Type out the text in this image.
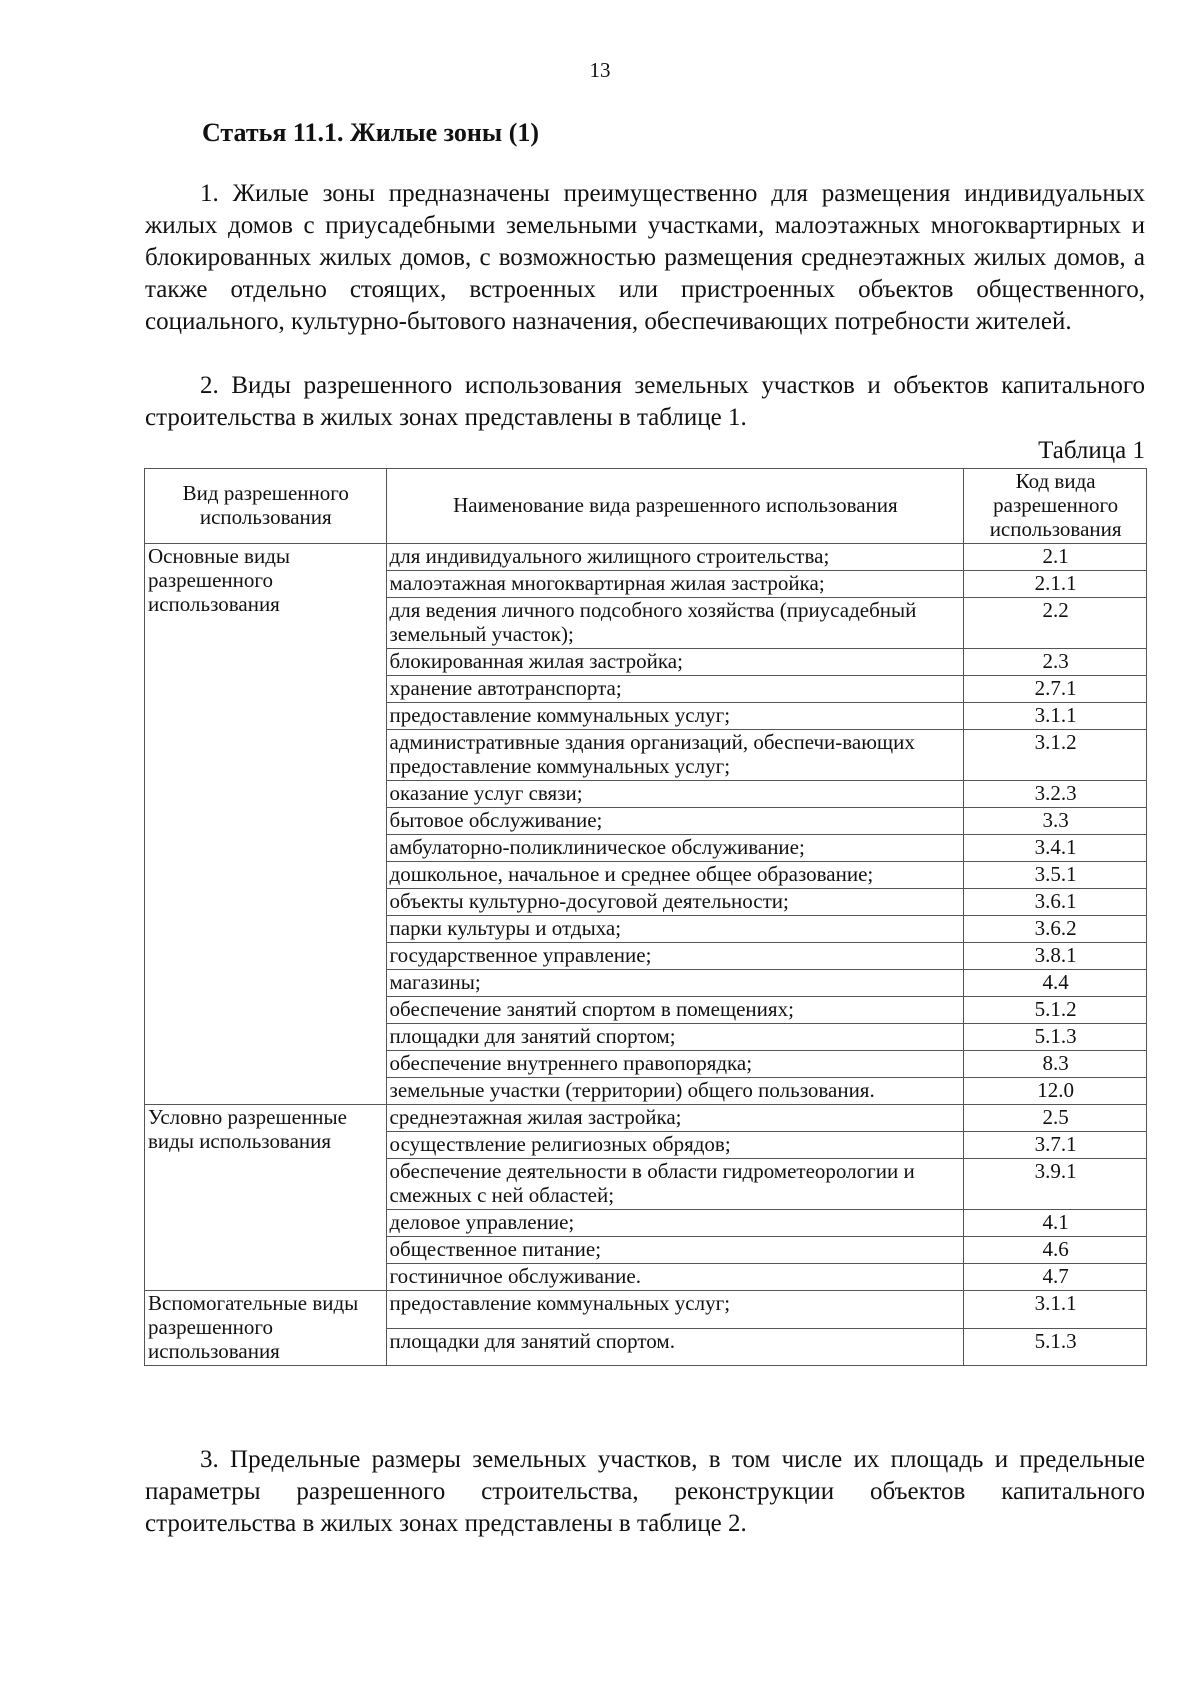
13
Статья 11.1. Жилые зоны (1)
1. Жилые зоны предназначены преимущественно для размещения индивидуальных жилых домов с приусадебными земельными участками, малоэтажных многоквартирных и блокированных жилых домов, с возможностью размещения среднеэтажных жилых домов, а также отдельно стоящих, встроенных или пристроенных объектов общественного, социального, культурно-бытового назначения, обеспечивающих потребности жителей.
2. Виды разрешенного использования земельных участков и объектов капитального строительства в жилых зонах представлены в таблице 1.
Таблица 1
Вид разрешенного использования	Наименование вида разрешенного использования	Код вида разрешенного использования
Основные виды разрешенного использования	для индивидуального жилищного строительства;	2.1
	малоэтажная многоквартирная жилая застройка;	2.1.1
	для ведения личного подсобного хозяйства (приусадебный земельный участок);	2.2
	блокированная жилая застройка;	2.3
	хранение автотранспорта;	2.7.1
	предоставление коммунальных услуг;	3.1.1
	административные здания организаций, обеспечи-вающих предоставление коммунальных услуг;	3.1.2
	оказание услуг связи;	3.2.3
	бытовое обслуживание;	3.3
	амбулаторно-поликлиническое обслуживание;	3.4.1
	дошкольное, начальное и среднее общее образование;	3.5.1
	объекты культурно-досуговой деятельности;	3.6.1
	парки культуры и отдыха;	3.6.2
	государственное управление;	3.8.1
	магазины;	4.4
	обеспечение занятий спортом в помещениях;	5.1.2
	площадки для занятий спортом;	5.1.3
	обеспечение внутреннего правопорядка;	8.3
	земельные участки (территории) общего пользования.	12.0
Условно разрешенные виды использования	среднеэтажная жилая застройка;	2.5
	осуществление религиозных обрядов;	3.7.1
	обеспечение деятельности в области гидрометеорологии и смежных с ней областей;	3.9.1
	деловое управление;	4.1
	общественное питание;	4.6
	гостиничное обслуживание.	4.7
Вспомогательные виды разрешенного использования	предоставление коммунальных услуг;	3.1.1
	площадки для занятий спортом.	5.1.3
3. Предельные размеры земельных участков, в том числе их площадь и предельные параметры разрешенного строительства, реконструкции объектов капитального строительства в жилых зонах представлены в таблице 2.
